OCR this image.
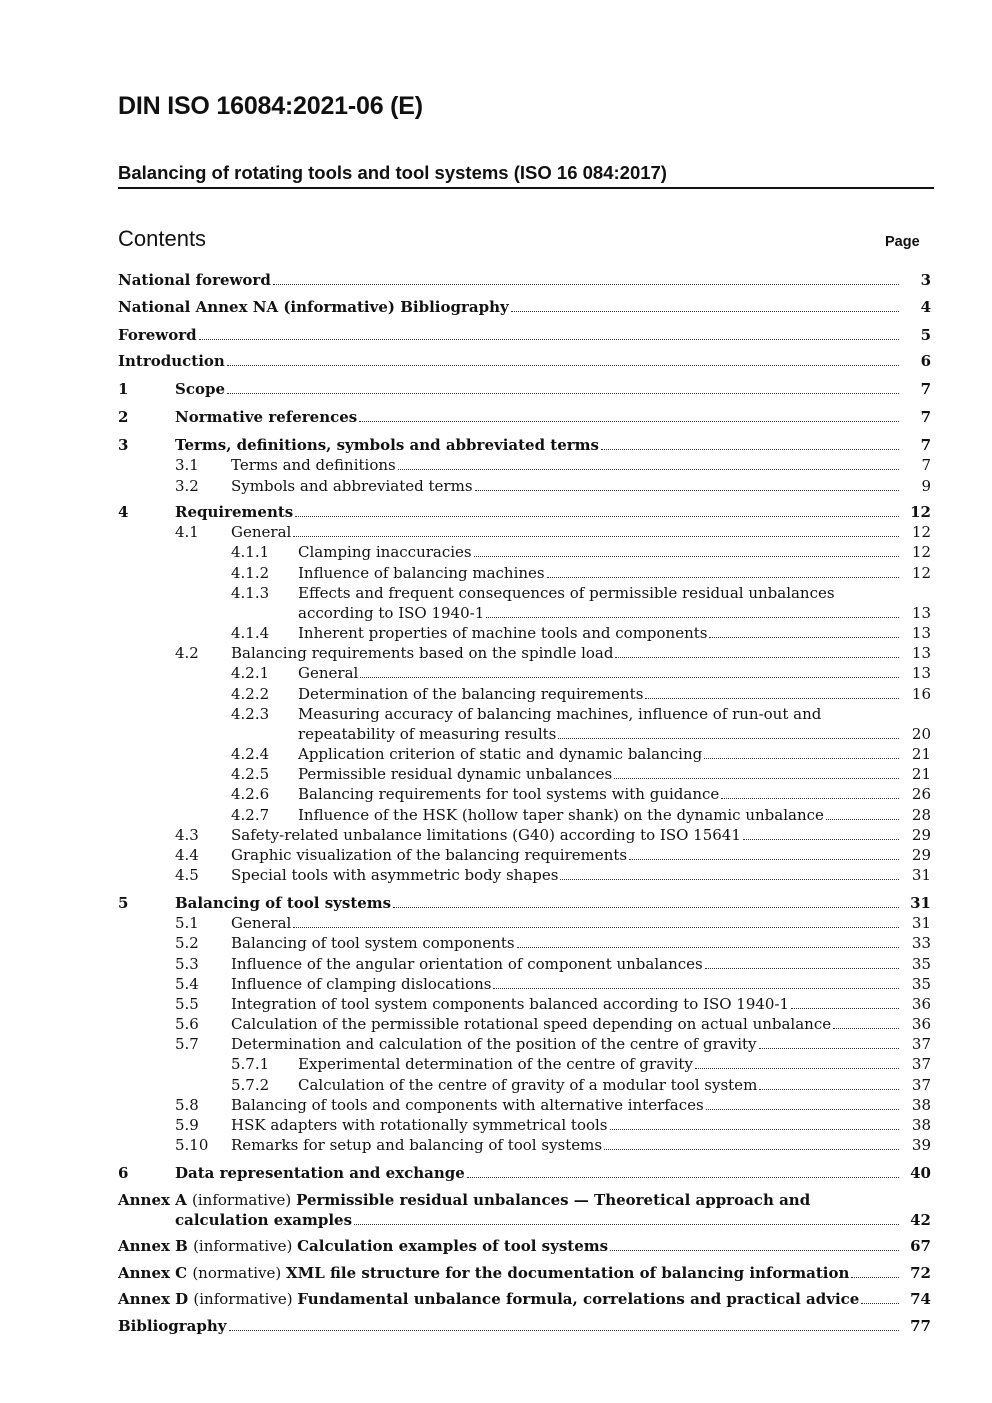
DIN ISO 16084:2021-06 (E)
Balancing of rotating tools and tool systems (ISO 16 084:2017)
Contents	Page
National foreword	3
National Annex NA (informative) Bibliography	4
Foreword	5
Introduction	6
1	Scope	7
2	Normative references	7
3	Terms, definitions, symbols and abbreviated terms	7
3.1 Terms and definitions	7
3.2 Symbols and abbreviated terms	9
4	Requirements	12
4.1 General	12
4.1.1 Clamping inaccuracies	12
4.1.2 Influence of balancing machines	12
4.1.3 Effects and frequent consequences of permissible residual unbalances
according to ISO 1940-1	13
4.1.4 Inherent properties of machine tools and components	13
4.2 Balancing requirements based on the spindle load	13
4.2.1 General	13
4.2.2 Determination of the balancing requirements	16
4.2.3 Measuring accuracy of balancing machines, influence of run-out and
repeatability of measuring results	20
4.2.4 Application criterion of static and dynamic balancing	21
4.2.5 Permissible residual dynamic unbalances	21
4.2.6 Balancing requirements for tool systems with guidance	26
4.2.7 Influence of the HSK (hollow taper shank) on the dynamic unbalance	28
4.3 Safety-related unbalance limitations (G40) according to ISO 15641	29
4.4 Graphic visualization of the balancing requirements	29
4.5 Special tools with asymmetric body shapes	31
5	Balancing of tool systems	31
5.1 General	31
5.2 Balancing of tool system components	33
5.3 Influence of the angular orientation of component unbalances	35
5.4 Influence of clamping dislocations	35
5.5 Integration of tool system components balanced according to ISO 1940-1	36
5.6 Calculation of the permissible rotational speed depending on actual unbalance	36
5.7 Determination and calculation of the position of the centre of gravity	37
5.7.1 Experimental determination of the centre of gravity	37
5.7.2 Calculation of the centre of gravity of a modular tool system	37
5.8 Balancing of tools and components with alternative interfaces	38
5.9 HSK adapters with rotationally symmetrical tools	38
5.10 Remarks for setup and balancing of tool systems	39
6	Data representation and exchange	40
Annex A (informative) Permissible residual unbalances — Theoretical approach and
calculation examples	42
Annex B (informative) Calculation examples of tool systems	67
Annex C (normative) XML file structure for the documentation of balancing information	72
Annex D (informative) Fundamental unbalance formula, correlations and practical advice	74
Bibliography	77
